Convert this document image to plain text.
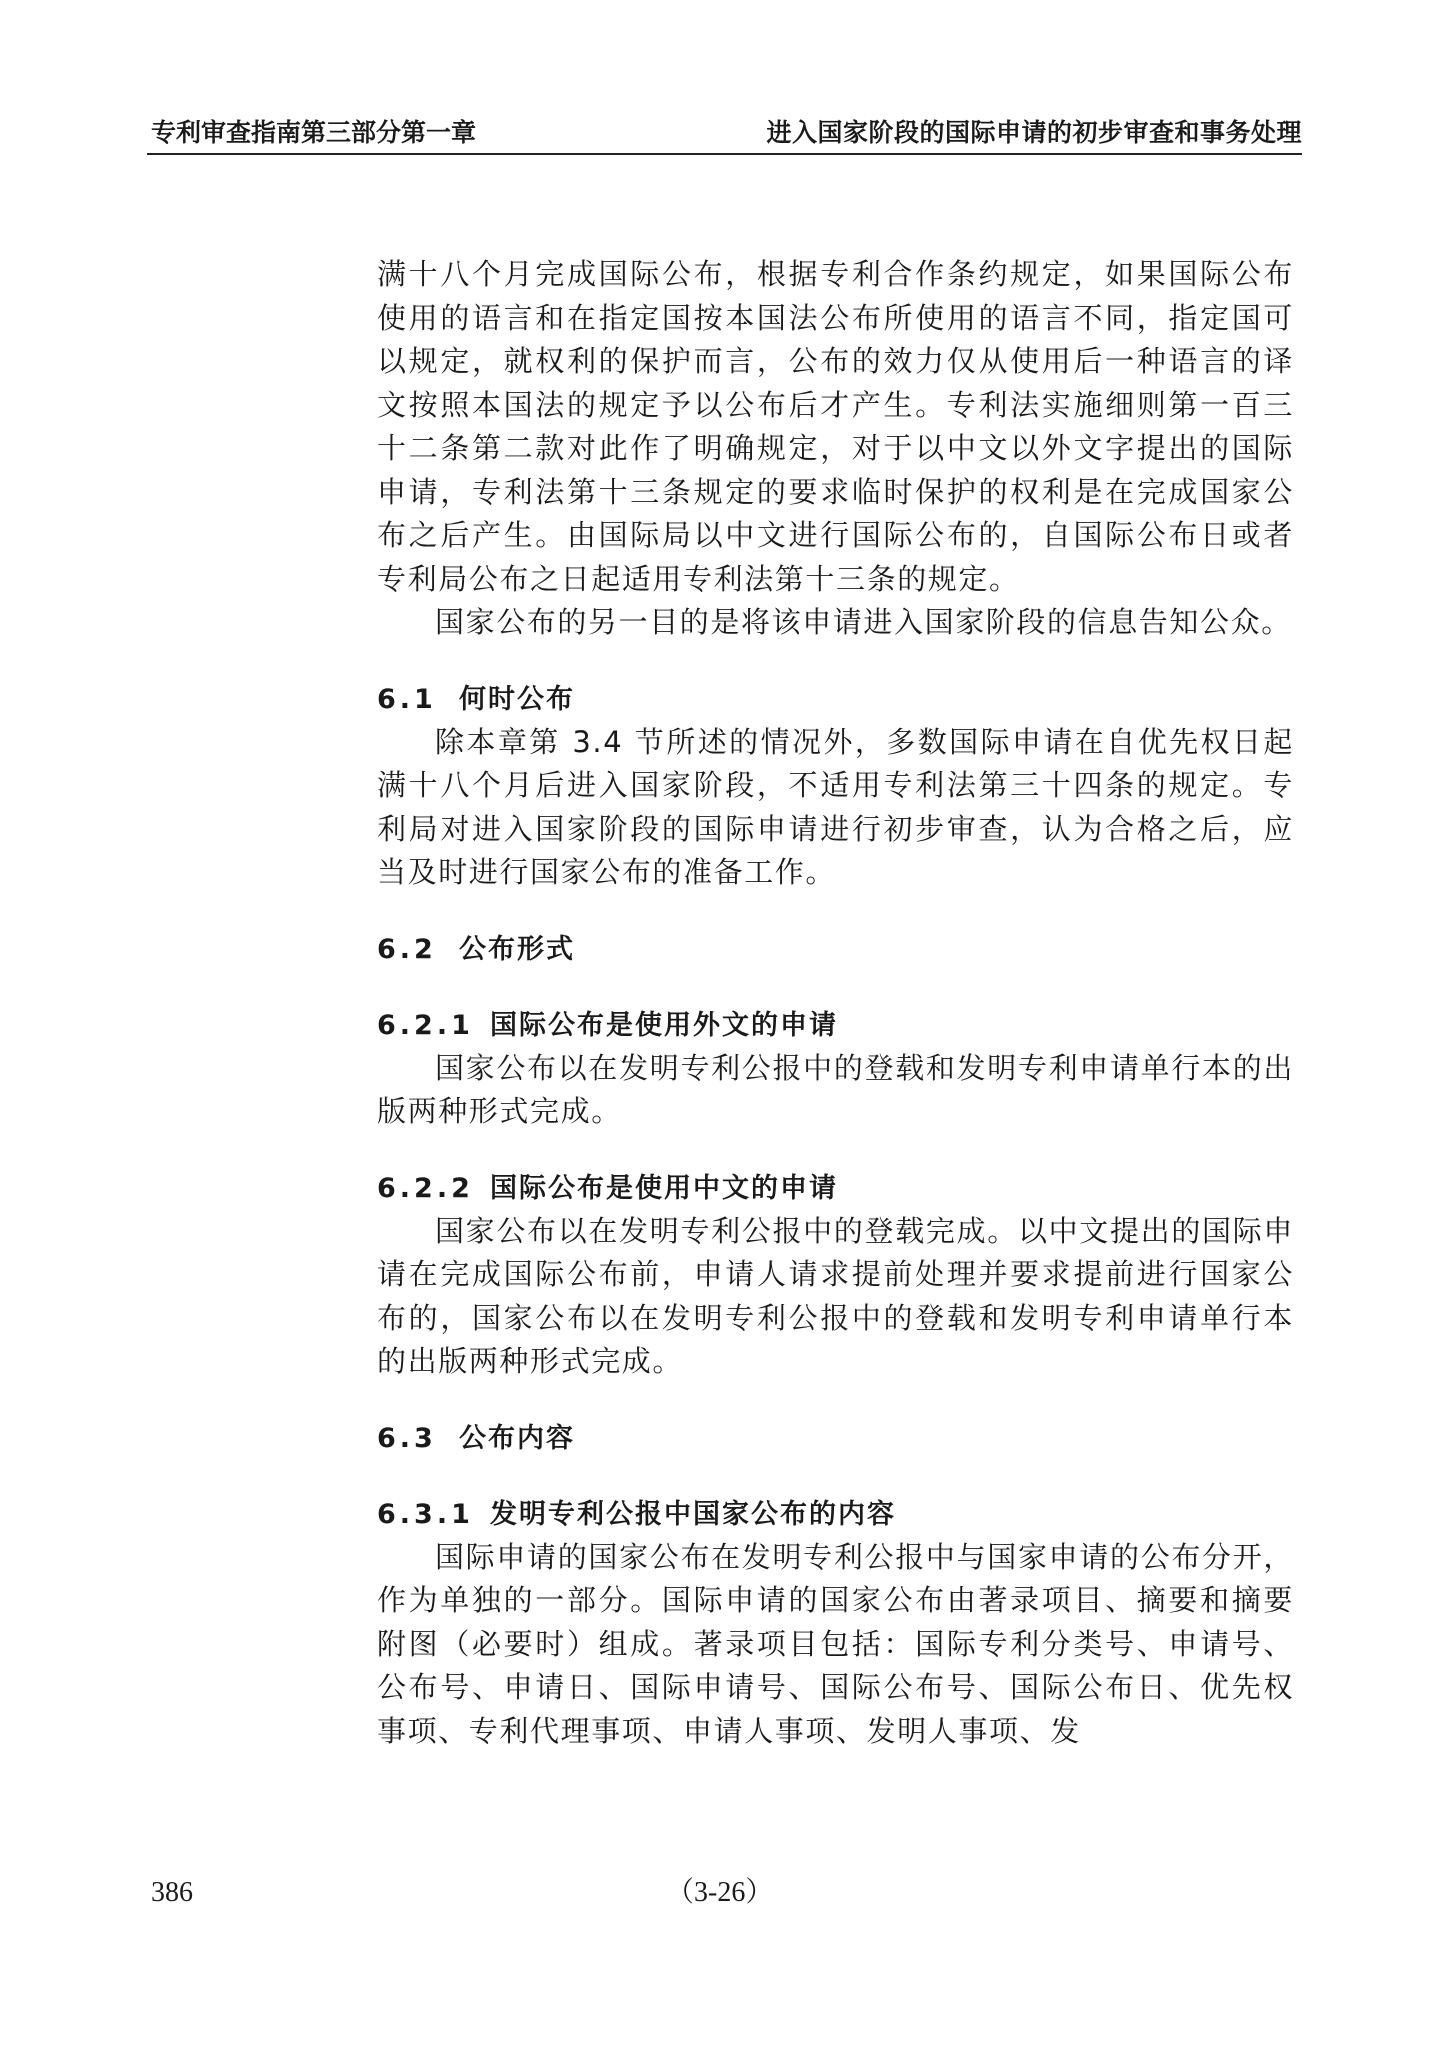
专利审查指南第三部分第一章	进入国家阶段的国际申请的初步审查和事务处理

满十八个月完成国际公布，根据专利合作条约规定，如果国际公布使用的语言和在指定国按本国法公布所使用的语言不同，指定国可以规定，就权利的保护而言，公布的效力仅从使用后一种语言的译文按照本国法的规定予以公布后才产生。专利法实施细则第一百三十二条第二款对此作了明确规定，对于以中文以外文字提出的国际申请，专利法第十三条规定的要求临时保护的权利是在完成国家公布之后产生。由国际局以中文进行国际公布的，自国际公布日或者专利局公布之日起适用专利法第十三条的规定。

国家公布的另一目的是将该申请进入国家阶段的信息告知公众。

6.1 何时公布

除本章第 3.4 节所述的情况外，多数国际申请在自优先权日起满十八个月后进入国家阶段，不适用专利法第三十四条的规定。专利局对进入国家阶段的国际申请进行初步审查，认为合格之后，应当及时进行国家公布的准备工作。

6.2 公布形式
6.2.1 国际公布是使用外文的申请

国家公布以在发明专利公报中的登载和发明专利申请单行本的出版两种形式完成。

6.2.2 国际公布是使用中文的申请

国家公布以在发明专利公报中的登载完成。以中文提出的国际申请在完成国际公布前，申请人请求提前处理并要求提前进行国家公布的，国家公布以在发明专利公报中的登载和发明专利申请单行本的出版两种形式完成。

6.3 公布内容
6.3.1 发明专利公报中国家公布的内容

国际申请的国家公布在发明专利公报中与国家申请的公布分开，作为单独的一部分。国际申请的国家公布由著录项目、摘要和摘要附图（必要时）组成。著录项目包括：国际专利分类号、申请号、公布号、申请日、国际申请号、国际公布号、国际公布日、优先权事项、专利代理事项、申请人事项、发明人事项、发

386	（3-26）
